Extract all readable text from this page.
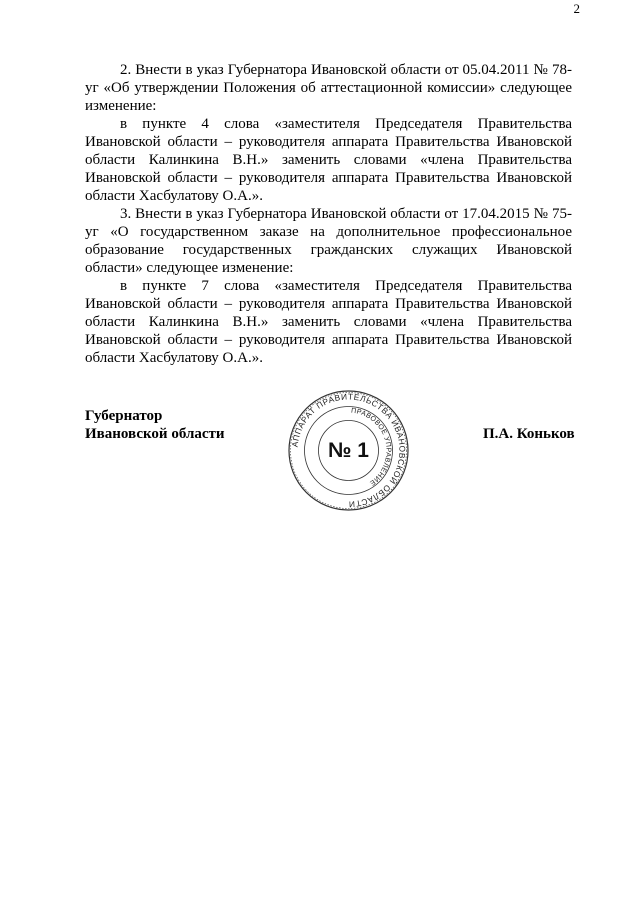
2

2. Внести в указ Губернатора Ивановской области от 05.04.2011 № 78-уг «Об утверждении Положения об аттестационной комиссии» следующее изменение:

в пункте 4 слова «заместителя Председателя Правительства Ивановской области – руководителя аппарата Правительства Ивановской области Калинкина В.Н.» заменить словами «члена Правительства Ивановской области – руководителя аппарата Правительства Ивановской области Хасбулатову О.А.».

3. Внести в указ Губернатора Ивановской области от 17.04.2015 № 75-уг «О государственном заказе на дополнительное профессиональное образование государственных гражданских служащих Ивановской области» следующее изменение:

в пункте 7 слова «заместителя Председателя Правительства Ивановской области – руководителя аппарата Правительства Ивановской области Калинкина В.Н.» заменить словами «члена Правительства Ивановской области – руководителя аппарата Правительства Ивановской области Хасбулатову О.А.».

Губернатор
Ивановской области	П.А. Коньков
АППАРАТ ПРАВИТЕЛЬСТВА ИВАНОВСКОЙ ОБЛАСТИ
ПРАВОВОЕ УПРАВЛЕНИЕ
№ 1
